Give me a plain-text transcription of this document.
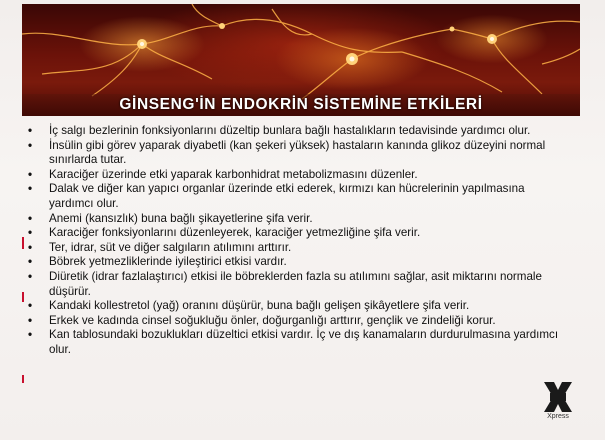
GİNSENG'İN ENDOKRİN SİSTEMİNE ETKİLERİ
• İç salgı bezlerinin fonksiyonlarını düzeltip bunlara bağlı hastalıkların tedavisinde yardımcı olur.
• İnsülin gibi görev yaparak diyabetli (kan şekeri yüksek) hastaların kanında glikoz düzeyini normal sınırlarda tutar.
• Karaciğer üzerinde etki yaparak karbonhidrat metabolizmasını düzenler.
• Dalak ve diğer kan yapıcı organlar üzerinde etki ederek, kırmızı kan hücrelerinin yapılmasına yardımcı olur.
• Anemi (kansızlık) buna bağlı şikayetlerine şifa verir.
• Karaciğer fonksiyonlarını düzenleyerek, karaciğer yetmezliğine şifa verir.
• Ter, idrar, süt ve diğer salgıların atılımını arttırır.
• Böbrek yetmezliklerinde iyileştirici etkisi vardır.
• Diüretik (idrar fazlalaştırıcı) etkisi ile böbreklerden fazla su atılımını sağlar, asit miktarını normale düşürür.
• Kandaki kollestretol (yağ) oranını düşürür, buna bağlı gelişen şikâyetlere şifa verir.
• Erkek ve kadında cinsel soğukluğu önler, doğurganlığı arttırır, gençlik ve zindeliği korur.
• Kan tablosundaki bozuklukları düzeltici etkisi vardır. İç ve dış kanamaların durdurulmasına yardımcı olur.
Xpress
